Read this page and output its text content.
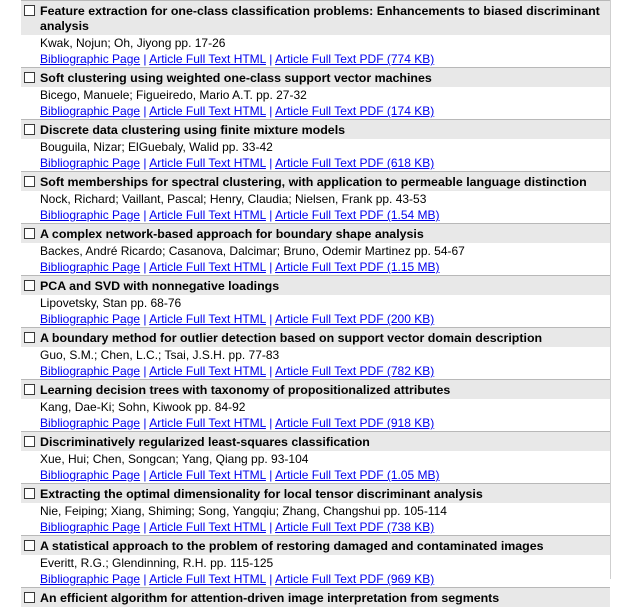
Feature extraction for one-class classification problems: Enhancements to biased discriminant analysis
Kwak, Nojun; Oh, Jiyong pp. 17-26
Bibliographic Page | Article Full Text HTML | Article Full Text PDF (774 KB)
Soft clustering using weighted one-class support vector machines
Bicego, Manuele; Figueiredo, Mario A.T. pp. 27-32
Bibliographic Page | Article Full Text HTML | Article Full Text PDF (174 KB)
Discrete data clustering using finite mixture models
Bouguila, Nizar; ElGuebaly, Walid pp. 33-42
Bibliographic Page | Article Full Text HTML | Article Full Text PDF (618 KB)
Soft memberships for spectral clustering, with application to permeable language distinction
Nock, Richard; Vaillant, Pascal; Henry, Claudia; Nielsen, Frank pp. 43-53
Bibliographic Page | Article Full Text HTML | Article Full Text PDF (1.54 MB)
A complex network-based approach for boundary shape analysis
Backes, André Ricardo; Casanova, Dalcimar; Bruno, Odemir Martinez pp. 54-67
Bibliographic Page | Article Full Text HTML | Article Full Text PDF (1.15 MB)
PCA and SVD with nonnegative loadings
Lipovetsky, Stan pp. 68-76
Bibliographic Page | Article Full Text HTML | Article Full Text PDF (200 KB)
A boundary method for outlier detection based on support vector domain description
Guo, S.M.; Chen, L.C.; Tsai, J.S.H. pp. 77-83
Bibliographic Page | Article Full Text HTML | Article Full Text PDF (782 KB)
Learning decision trees with taxonomy of propositionalized attributes
Kang, Dae-Ki; Sohn, Kiwook pp. 84-92
Bibliographic Page | Article Full Text HTML | Article Full Text PDF (918 KB)
Discriminatively regularized least-squares classification
Xue, Hui; Chen, Songcan; Yang, Qiang pp. 93-104
Bibliographic Page | Article Full Text HTML | Article Full Text PDF (1.05 MB)
Extracting the optimal dimensionality for local tensor discriminant analysis
Nie, Feiping; Xiang, Shiming; Song, Yangqiu; Zhang, Changshui pp. 105-114
Bibliographic Page | Article Full Text HTML | Article Full Text PDF (738 KB)
A statistical approach to the problem of restoring damaged and contaminated images
Everitt, R.G.; Glendinning, R.H. pp. 115-125
Bibliographic Page | Article Full Text HTML | Article Full Text PDF (969 KB)
An efficient algorithm for attention-driven image interpretation from segments
